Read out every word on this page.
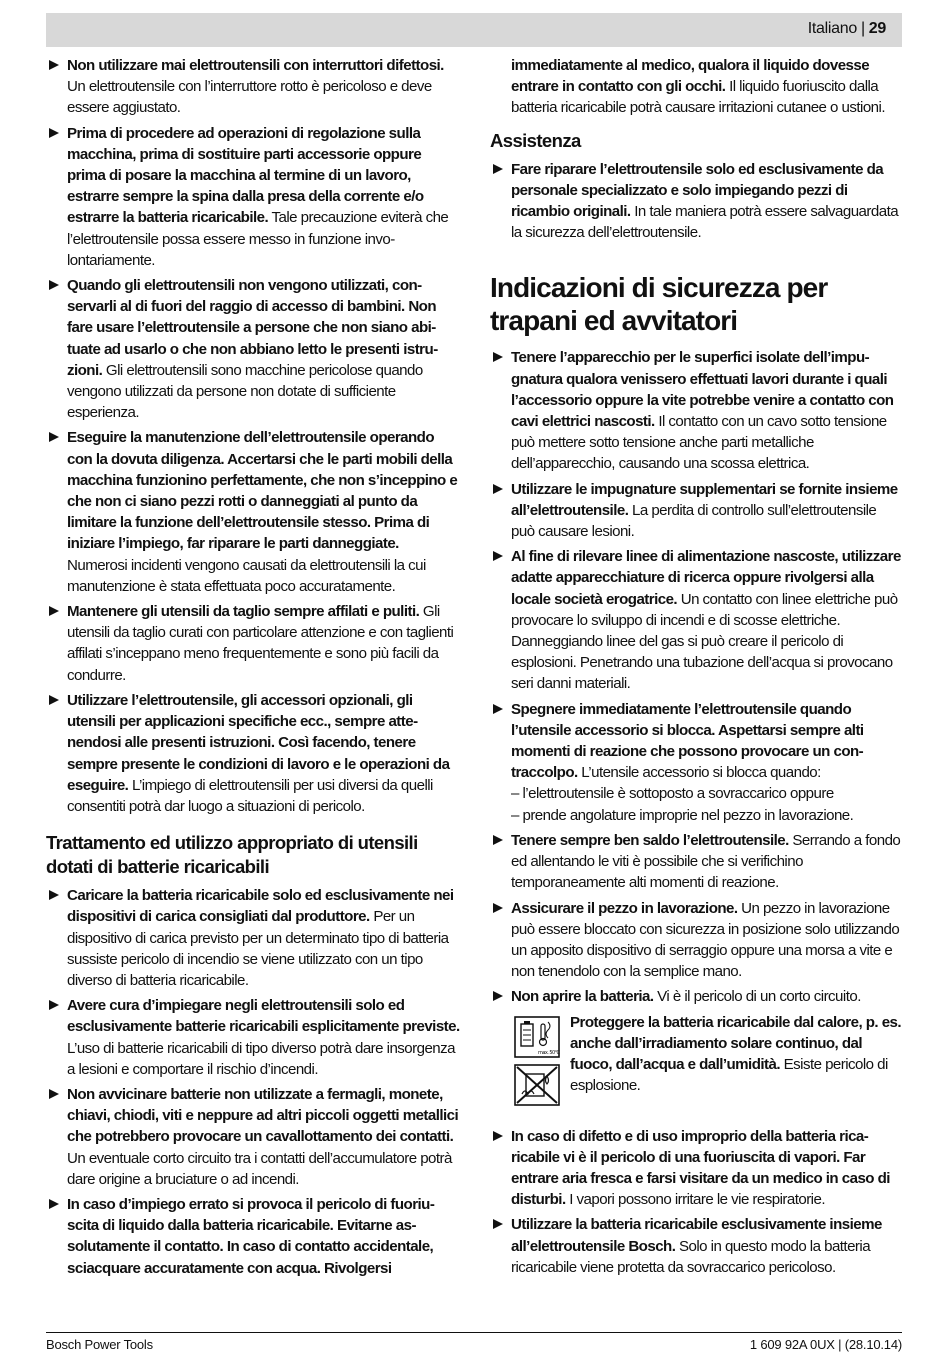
Italiano | 29
Non utilizzare mai elettroutensili con interruttori difettosi. Un elettroutensile con l’interruttore rotto è pericoloso e deve essere aggiustato.
Prima di procedere ad operazioni di regolazione sulla macchina, prima di sostituire parti accessorie oppure prima di posare la macchina al termine di un lavoro, estrarre sempre la spina dalla presa della corrente e/o estrarre la batteria ricaricabile. Tale precauzione eviterà che l’elettroutensile possa essere messo in funzione involontariamente.
Quando gli elettroutensili non vengono utilizzati, conservarli al di fuori del raggio di accesso di bambini. Non fare usare l’elettroutensile a persone che non siano abituate ad usarlo o che non abbiano letto le presenti istruzioni. Gli elettroutensili sono macchine pericolose quando vengono utilizzati da persone non dotate di sufficiente esperienza.
Eseguire la manutenzione dell’elettroutensile operando con la dovuta diligenza. Accertarsi che le parti mobili della macchina funzionino perfettamente, che non s’inceppino e che non ci siano pezzi rotti o danneggiati al punto da limitare la funzione dell’elettroutensile stesso. Prima di iniziare l’impiego, far riparare le parti danneggiate. Numerosi incidenti vengono causati da elettroutensili la cui manutenzione è stata effettuata poco accuratamente.
Mantenere gli utensili da taglio sempre affilati e puliti. Gli utensili da taglio curati con particolare attenzione e con taglienti affilati s’inceppano meno frequentemente e sono più facili da condurre.
Utilizzare l’elettroutensile, gli accessori opzionali, gli utensili per applicazioni specifiche ecc., sempre attenendosi alle presenti istruzioni. Così facendo, tenere sempre presente le condizioni di lavoro e le operazioni da eseguire. L’impiego di elettroutensili per usi diversi da quelli consentiti potrà dar luogo a situazioni di pericolo.
Trattamento ed utilizzo appropriato di utensili dotati di batterie ricaricabili
Caricare la batteria ricaricabile solo ed esclusivamente nei dispositivi di carica consigliati dal produttore. Per un dispositivo di carica previsto per un determinato tipo di batteria sussiste pericolo di incendio se viene utilizzato con un tipo diverso di batteria ricaricabile.
Avere cura d’impiegare negli elettroutensili solo ed esclusivamente batterie ricaricabili esplicitamente previste. L’uso di batterie ricaricabili di tipo diverso potrà dare insorgenza a lesioni e comportare il rischio d’incendi.
Non avvicinare batterie non utilizzate a fermagli, monete, chiavi, chiodi, viti e neppure ad altri piccoli oggetti metallici che potrebbero provocare un cavallottamento dei contatti. Un eventuale corto circuito tra i contatti dell’accumulatore potrà dare origine a bruciature o ad incendi.
In caso d’impiego errato si provoca il pericolo di fuoriuscita di liquido dalla batteria ricaricabile. Evitarne assolutamente il contatto. In caso di contatto accidentale, sciacquare accuratamente con acqua. Rivolgersi
immediatamente al medico, qualora il liquido dovesse entrare in contatto con gli occhi. Il liquido fuoriuscito dalla batteria ricaricabile potrà causare irritazioni cutanee o ustioni.
Assistenza
Fare riparare l’elettroutensile solo ed esclusivamente da personale specializzato e solo impiegando pezzi di ricambio originali. In tale maniera potrà essere salvaguardata la sicurezza dell’elettroutensile.
Indicazioni di sicurezza per trapani ed avvitatori
Tenere l’apparecchio per le superfici isolate dell’impugnatura qualora venissero effettuati lavori durante i quali l’accessorio oppure la vite potrebbe venire a contatto con cavi elettrici nascosti. Il contatto con un cavo sotto tensione può mettere sotto tensione anche parti metalliche dell’apparecchio, causando una scossa elettrica.
Utilizzare le impugnature supplementari se fornite insieme all’elettroutensile. La perdita di controllo sull’elettroutensile può causare lesioni.
Al fine di rilevare linee di alimentazione nascoste, utilizzare adatte apparecchiature di ricerca oppure rivolgersi alla locale società erogatrice. Un contatto con linee elettriche può provocare lo sviluppo di incendi e di scosse elettriche. Danneggiando linee del gas si può creare il pericolo di esplosioni. Penetrando una tubazione dell’acqua si provocano seri danni materiali.
Spegnere immediatamente l’elettroutensile quando l’utensile accessorio si blocca. Aspettarsi sempre alti momenti di reazione che possono provocare un contraccolpo. L’utensile accessorio si blocca quando:
– l’elettroutensile è sottoposto a sovraccarico oppure
– prende angolature improprie nel pezzo in lavorazione.
Tenere sempre ben saldo l’elettroutensile. Serrando a fondo ed allentando le viti è possibile che si verifichino temporaneamente alti momenti di reazione.
Assicurare il pezzo in lavorazione. Un pezzo in lavorazione può essere bloccato con sicurezza in posizione solo utilizzando un apposito dispositivo di serraggio oppure una morsa a vite e non tenendolo con la semplice mano.
Non aprire la batteria. Vi è il pericolo di un corto circuito.
max. 50°C
Proteggere la batteria ricaricabile dal calore, p. es. anche dall’irradiamento solare continuo, dal fuoco, dall’acqua e dall’umidità. Esiste pericolo di esplosione.
In caso di difetto e di uso improprio della batteria ricaricabile vi è il pericolo di una fuoriuscita di vapori. Far entrare aria fresca e farsi visitare da un medico in caso di disturbi. I vapori possono irritare le vie respiratorie.
Utilizzare la batteria ricaricabile esclusivamente insieme all’elettroutensile Bosch. Solo in questo modo la batteria ricaricabile viene protetta da sovraccarico pericoloso.
Bosch Power Tools	1 609 92A 0UX | (28.10.14)
